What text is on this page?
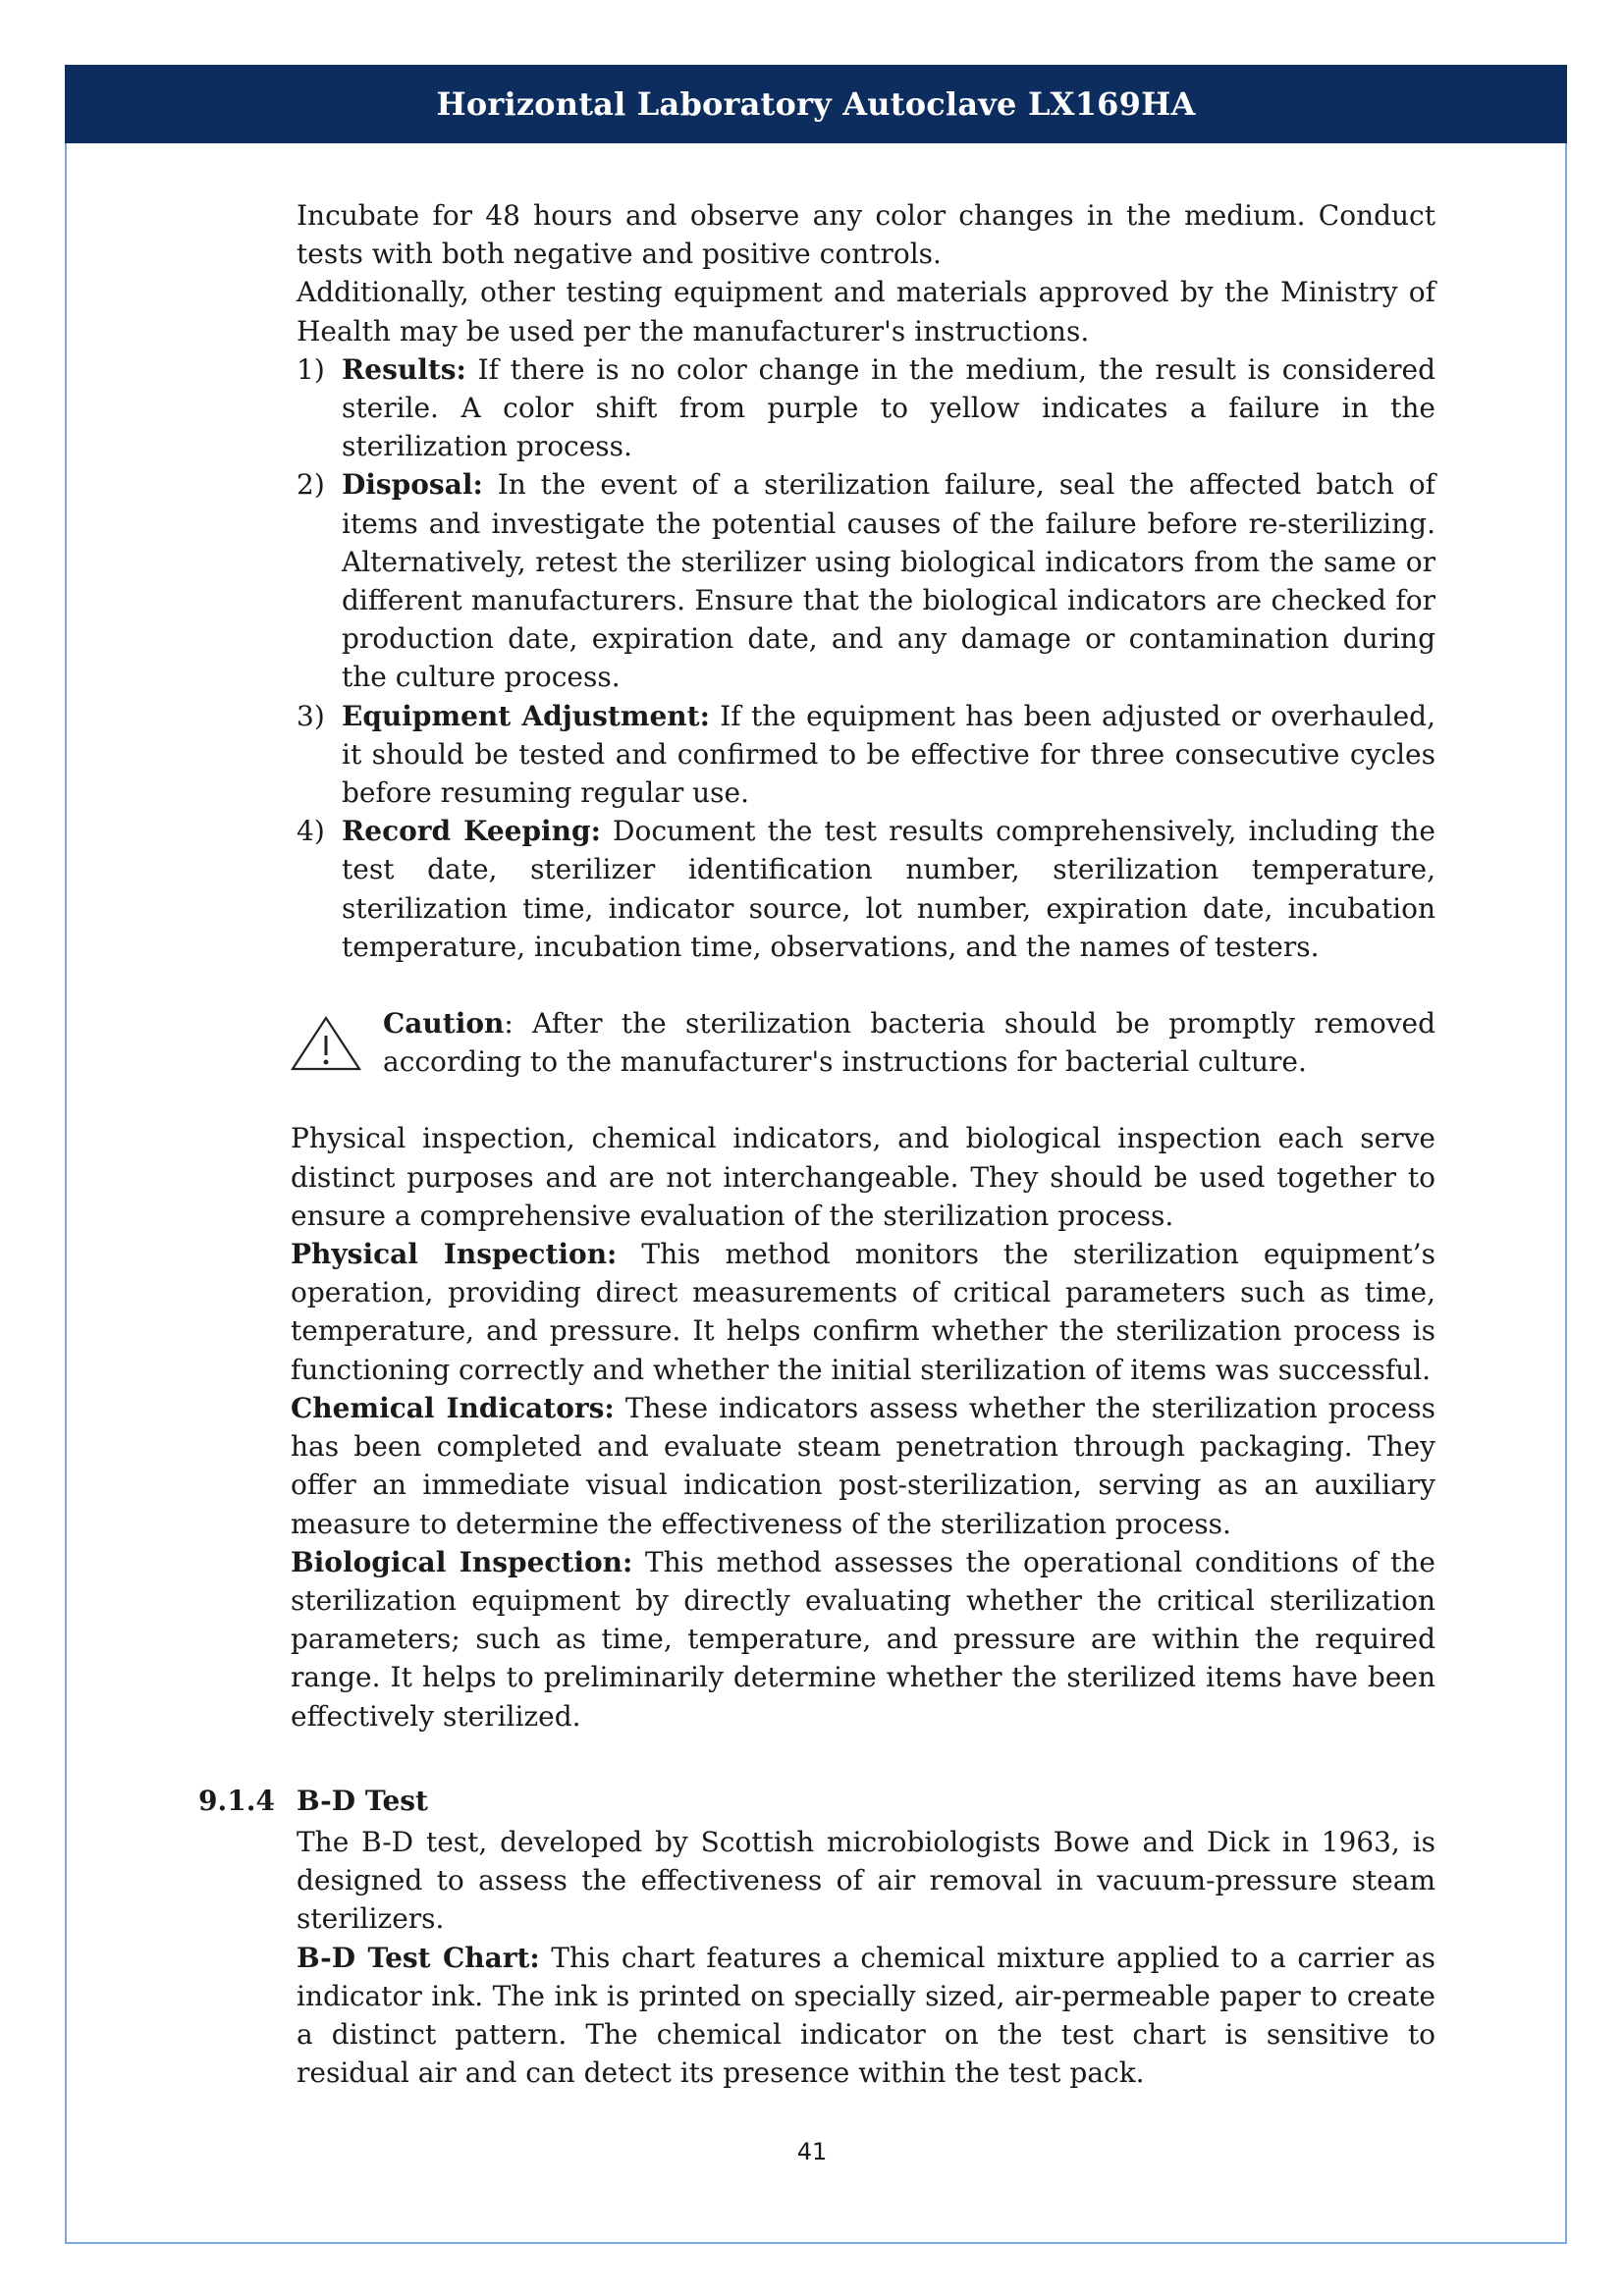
Horizontal Laboratory Autoclave LX169HA

Incubate for 48 hours and observe any color changes in the medium. Conduct tests with both negative and positive controls.

Additionally, other testing equipment and materials approved by the Ministry of Health may be used per the manufacturer's instructions.

1) Results: If there is no color change in the medium, the result is considered sterile. A color shift from purple to yellow indicates a failure in the sterilization process.
2) Disposal: In the event of a sterilization failure, seal the affected batch of items and investigate the potential causes of the failure before re-sterilizing. Alternatively, retest the sterilizer using biological indicators from the same or different manufacturers. Ensure that the biological indicators are checked for production date, expiration date, and any damage or contamination during the culture process.
3) Equipment Adjustment: If the equipment has been adjusted or overhauled, it should be tested and confirmed to be effective for three consecutive cycles before resuming regular use.
4) Record Keeping: Document the test results comprehensively, including the test date, sterilizer identification number, sterilization temperature, sterilization time, indicator source, lot number, expiration date, incubation temperature, incubation time, observations, and the names of testers.

Caution: After the sterilization bacteria should be promptly removed according to the manufacturer's instructions for bacterial culture.

Physical inspection, chemical indicators, and biological inspection each serve distinct purposes and are not interchangeable. They should be used together to ensure a comprehensive evaluation of the sterilization process.

Physical Inspection: This method monitors the sterilization equipment’s operation, providing direct measurements of critical parameters such as time, temperature, and pressure. It helps confirm whether the sterilization process is functioning correctly and whether the initial sterilization of items was successful.

Chemical Indicators: These indicators assess whether the sterilization process has been completed and evaluate steam penetration through packaging. They offer an immediate visual indication post-sterilization, serving as an auxiliary measure to determine the effectiveness of the sterilization process.

Biological Inspection: This method assesses the operational conditions of the sterilization equipment by directly evaluating whether the critical sterilization parameters; such as time, temperature, and pressure are within the required range. It helps to preliminarily determine whether the sterilized items have been effectively sterilized.

9.1.4 B-D Test

The B-D test, developed by Scottish microbiologists Bowe and Dick in 1963, is designed to assess the effectiveness of air removal in vacuum-pressure steam sterilizers.

B-D Test Chart: This chart features a chemical mixture applied to a carrier as indicator ink. The ink is printed on specially sized, air-permeable paper to create a distinct pattern. The chemical indicator on the test chart is sensitive to residual air and can detect its presence within the test pack.

41
